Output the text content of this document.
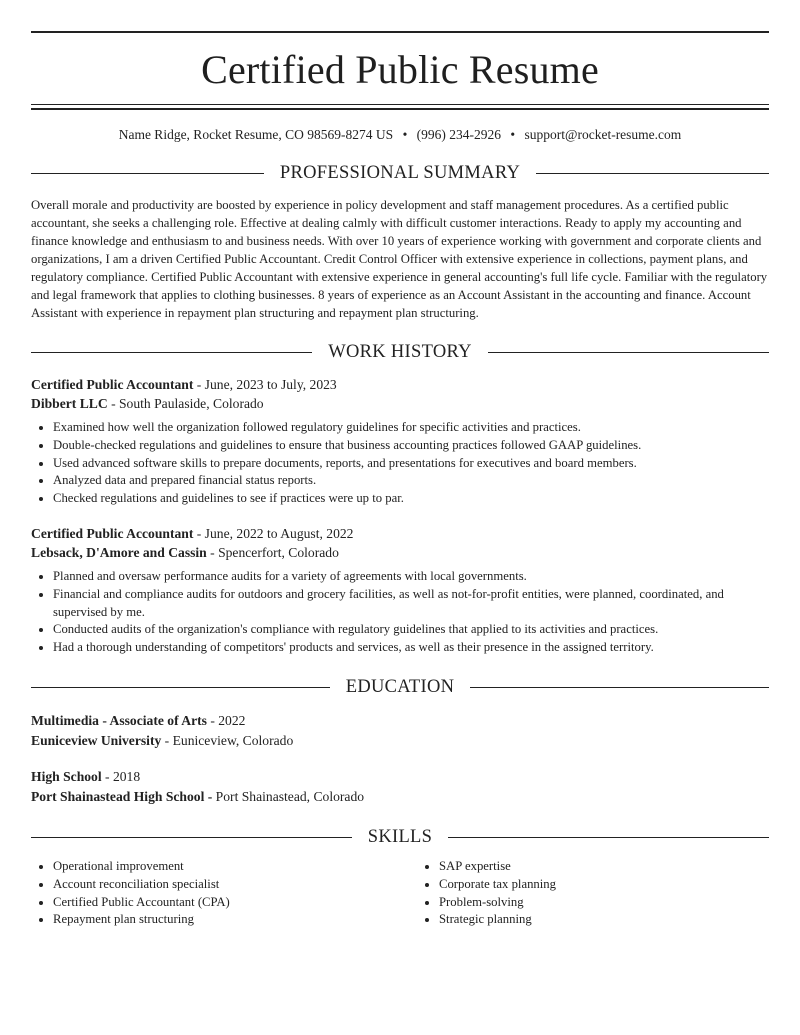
Certified Public Resume
Name Ridge, Rocket Resume, CO 98569-8274 US • (996) 234-2926 • support@rocket-resume.com
PROFESSIONAL SUMMARY
Overall morale and productivity are boosted by experience in policy development and staff management procedures. As a certified public accountant, she seeks a challenging role. Effective at dealing calmly with difficult customer interactions. Ready to apply my accounting and finance knowledge and enthusiasm to and business needs. With over 10 years of experience working with government and corporate clients and organizations, I am a driven Certified Public Accountant. Credit Control Officer with extensive experience in collections, payment plans, and regulatory compliance. Certified Public Accountant with extensive experience in general accounting's full life cycle. Familiar with the regulatory and legal framework that applies to clothing businesses. 8 years of experience as an Account Assistant in the accounting and finance. Account Assistant with experience in repayment plan structuring and repayment plan structuring.
WORK HISTORY
Certified Public Accountant - June, 2023 to July, 2023
Dibbert LLC - South Paulaside, Colorado
• Examined how well the organization followed regulatory guidelines for specific activities and practices.
• Double-checked regulations and guidelines to ensure that business accounting practices followed GAAP guidelines.
• Used advanced software skills to prepare documents, reports, and presentations for executives and board members.
• Analyzed data and prepared financial status reports.
• Checked regulations and guidelines to see if practices were up to par.
Certified Public Accountant - June, 2022 to August, 2022
Lebsack, D'Amore and Cassin - Spencerfort, Colorado
• Planned and oversaw performance audits for a variety of agreements with local governments.
• Financial and compliance audits for outdoors and grocery facilities, as well as not-for-profit entities, were planned, coordinated, and supervised by me.
• Conducted audits of the organization's compliance with regulatory guidelines that applied to its activities and practices.
• Had a thorough understanding of competitors' products and services, as well as their presence in the assigned territory.
EDUCATION
Multimedia - Associate of Arts - 2022
Euniceview University - Euniceview, Colorado
High School - 2018
Port Shainastead High School - Port Shainastead, Colorado
SKILLS
• Operational improvement
• Account reconciliation specialist
• Certified Public Accountant (CPA)
• Repayment plan structuring
• SAP expertise
• Corporate tax planning
• Problem-solving
• Strategic planning
